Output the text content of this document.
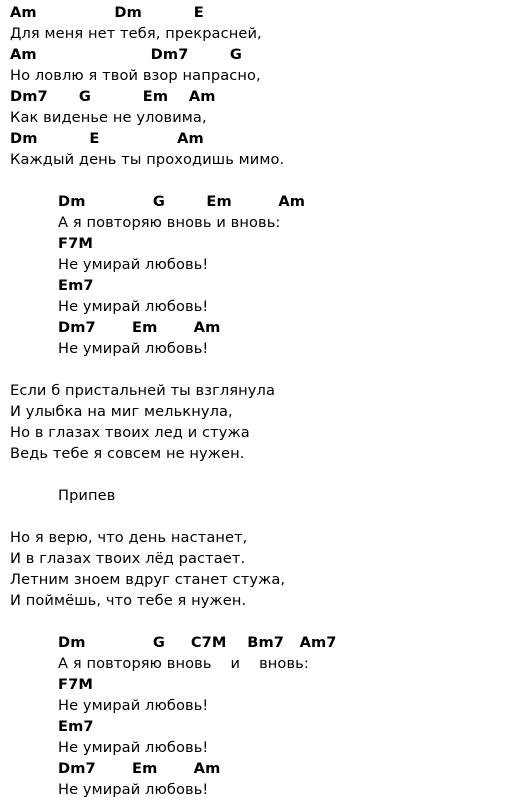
Am               Dm          E
Для меня нет тебя, прекрасней,
Am                      Dm7        G
Но ловлю я твой взор напрасно,
Dm7      G          Em    Am
Как виденье не уловима,
Dm          E               Am
Каждый день ты проходишь мимо.
Dm             G        Em         Am
А я повторяю вновь и вновь:
F7M
Не умирай любовь!
Em7
Не умирай любовь!
Dm7       Em       Am
Не умирай любовь!
Если б пристальней ты взглянула
И улыбка на миг мелькнула,
Но в глазах твоих лед и стужа
Ведь тебе я совсем не нужен.
Припев
Но я верю, что день настанет,
И в глазах твоих лёд растает.
Летним зноем вдруг станет стужа,
И поймёшь, что тебе я нужен.
Dm             G     C7M    Bm7   Am7
А я повторяю вновь    и    вновь:
F7M
Не умирай любовь!
Em7
Не умирай любовь!
Dm7       Em       Am
Не умирай любовь!
